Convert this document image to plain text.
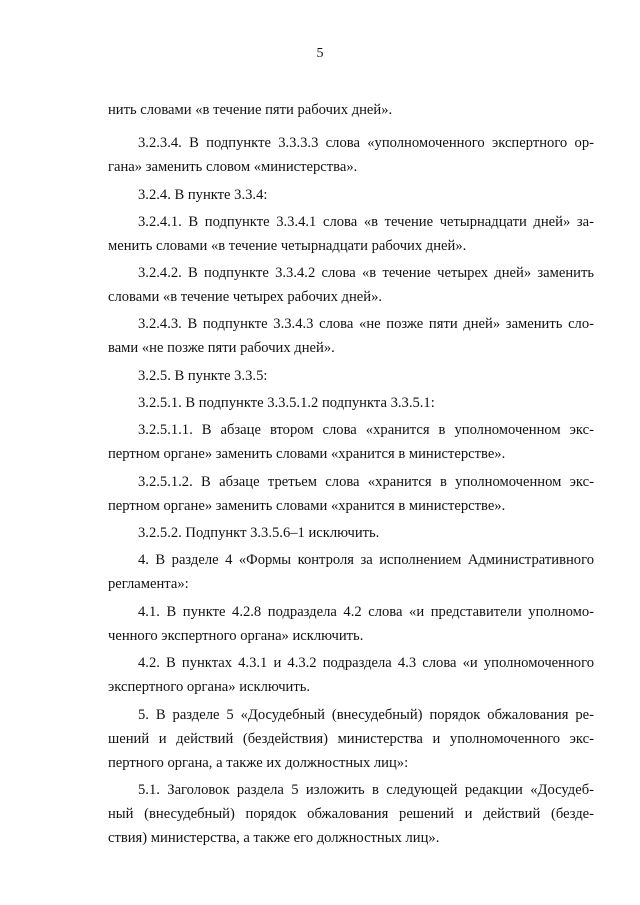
5
нить словами «в течение пяти рабочих дней».
3.2.3.4. В подпункте 3.3.3.3 слова «уполномоченного экспертного ор-
гана» заменить словом «министерства».
3.2.4. В пункте 3.3.4:
3.2.4.1. В подпункте 3.3.4.1 слова «в течение четырнадцати дней» за-
менить словами «в течение четырнадцати рабочих дней».
3.2.4.2. В подпункте 3.3.4.2 слова «в течение четырех дней» заменить
словами «в течение четырех рабочих дней».
3.2.4.3. В подпункте 3.3.4.3 слова «не позже пяти дней» заменить сло-
вами «не позже пяти рабочих дней».
3.2.5. В пункте 3.3.5:
3.2.5.1. В подпункте 3.3.5.1.2 подпункта 3.3.5.1:
3.2.5.1.1. В абзаце втором слова «хранится в уполномоченном экс-
пертном органе» заменить словами «хранится в министерстве».
3.2.5.1.2. В абзаце третьем слова «хранится в уполномоченном экс-
пертном органе» заменить словами «хранится в министерстве».
3.2.5.2. Подпункт 3.3.5.6–1 исключить.
4. В разделе 4 «Формы контроля за исполнением Административного
регламента»:
4.1. В пункте 4.2.8 подраздела 4.2 слова «и представители уполномо-
ченного экспертного органа» исключить.
4.2. В пунктах 4.3.1 и 4.3.2 подраздела 4.3 слова «и уполномоченного
экспертного органа» исключить.
5. В разделе 5 «Досудебный (внесудебный) порядок обжалования ре-
шений и действий (бездействия) министерства и уполномоченного экс-
пертного органа, а также их должностных лиц»:
5.1. Заголовок раздела 5 изложить в следующей редакции «Досудеб-
ный (внесудебный) порядок обжалования решений и действий (безде-
ствия) министерства, а также его должностных лиц».
